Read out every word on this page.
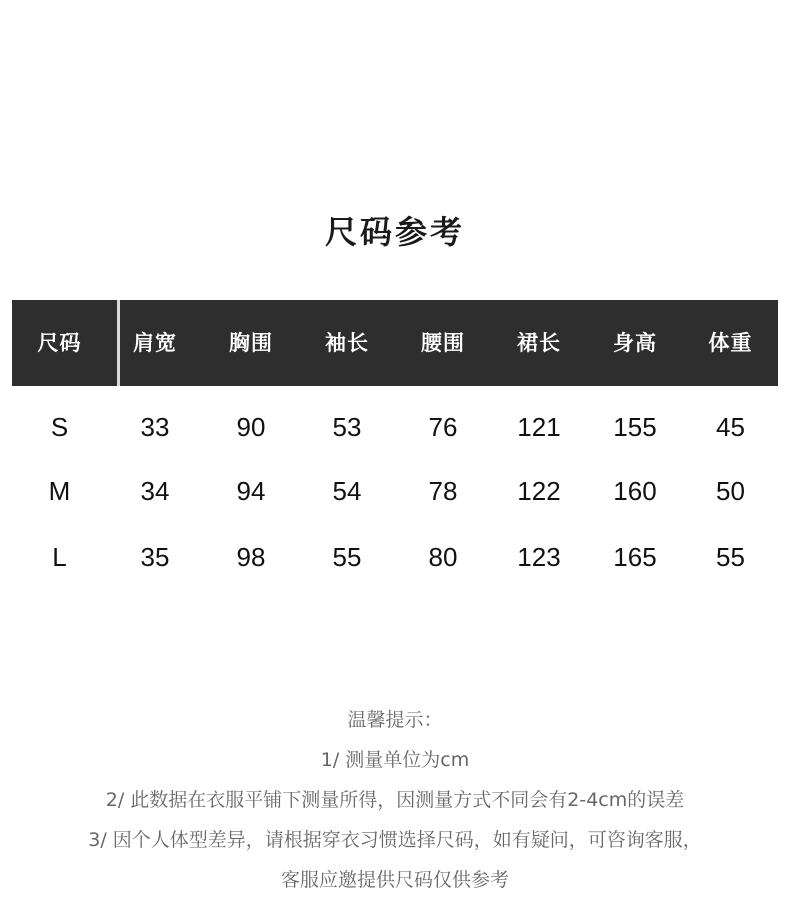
尺码参考
尺码	肩宽	胸围	袖长	腰围	裙长	身高	体重
S	33	90	53	76	121	155	45
M	34	94	54	78	122	160	50
L	35	98	55	80	123	165	55
温馨提示：
1/ 测量单位为cm
2/ 此数据在衣服平铺下测量所得，因测量方式不同会有2-4cm的误差
3/ 因个人体型差异，请根据穿衣习惯选择尺码，如有疑问，可咨询客服，
客服应邀提供尺码仅供参考
